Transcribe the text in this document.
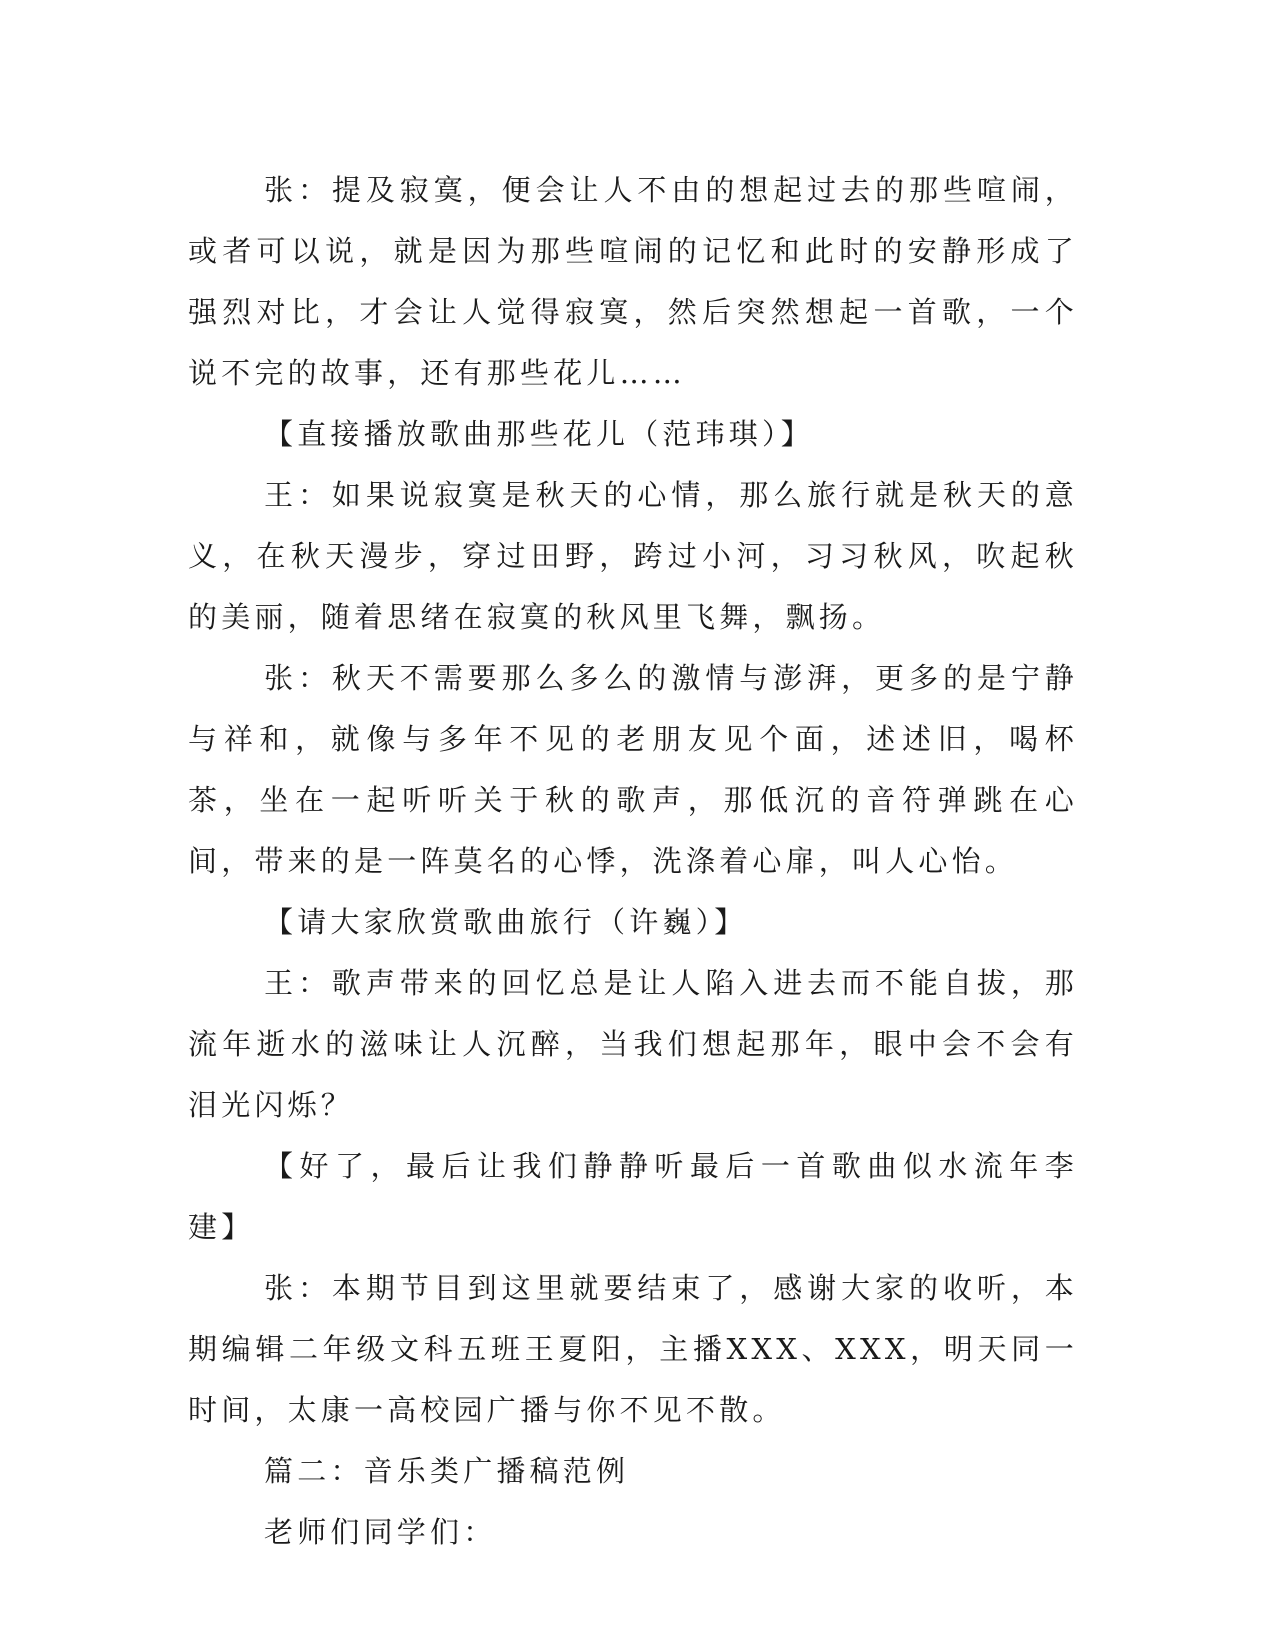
张：提及寂寞，便会让人不由的想起过去的那些喧闹，或者可以说，就是因为那些喧闹的记忆和此时的安静形成了强烈对比，才会让人觉得寂寞，然后突然想起一首歌，一个说不完的故事，还有那些花儿……

【直接播放歌曲那些花儿（范玮琪）】

王：如果说寂寞是秋天的心情，那么旅行就是秋天的意义，在秋天漫步，穿过田野，跨过小河，习习秋风，吹起秋的美丽，随着思绪在寂寞的秋风里飞舞，飘扬。

张：秋天不需要那么多么的激情与澎湃，更多的是宁静与祥和，就像与多年不见的老朋友见个面，述述旧，喝杯茶，坐在一起听听关于秋的歌声，那低沉的音符弹跳在心间，带来的是一阵莫名的心悸，洗涤着心扉，叫人心怡。

【请大家欣赏歌曲旅行（许巍）】

王：歌声带来的回忆总是让人陷入进去而不能自拔，那流年逝水的滋味让人沉醉，当我们想起那年，眼中会不会有泪光闪烁？

【好了，最后让我们静静听最后一首歌曲似水流年李建】

张：本期节目到这里就要结束了，感谢大家的收听，本期编辑二年级文科五班王夏阳，主播XXX、XXX，明天同一时间，太康一高校园广播与你不见不散。

篇二：音乐类广播稿范例

老师们同学们：
